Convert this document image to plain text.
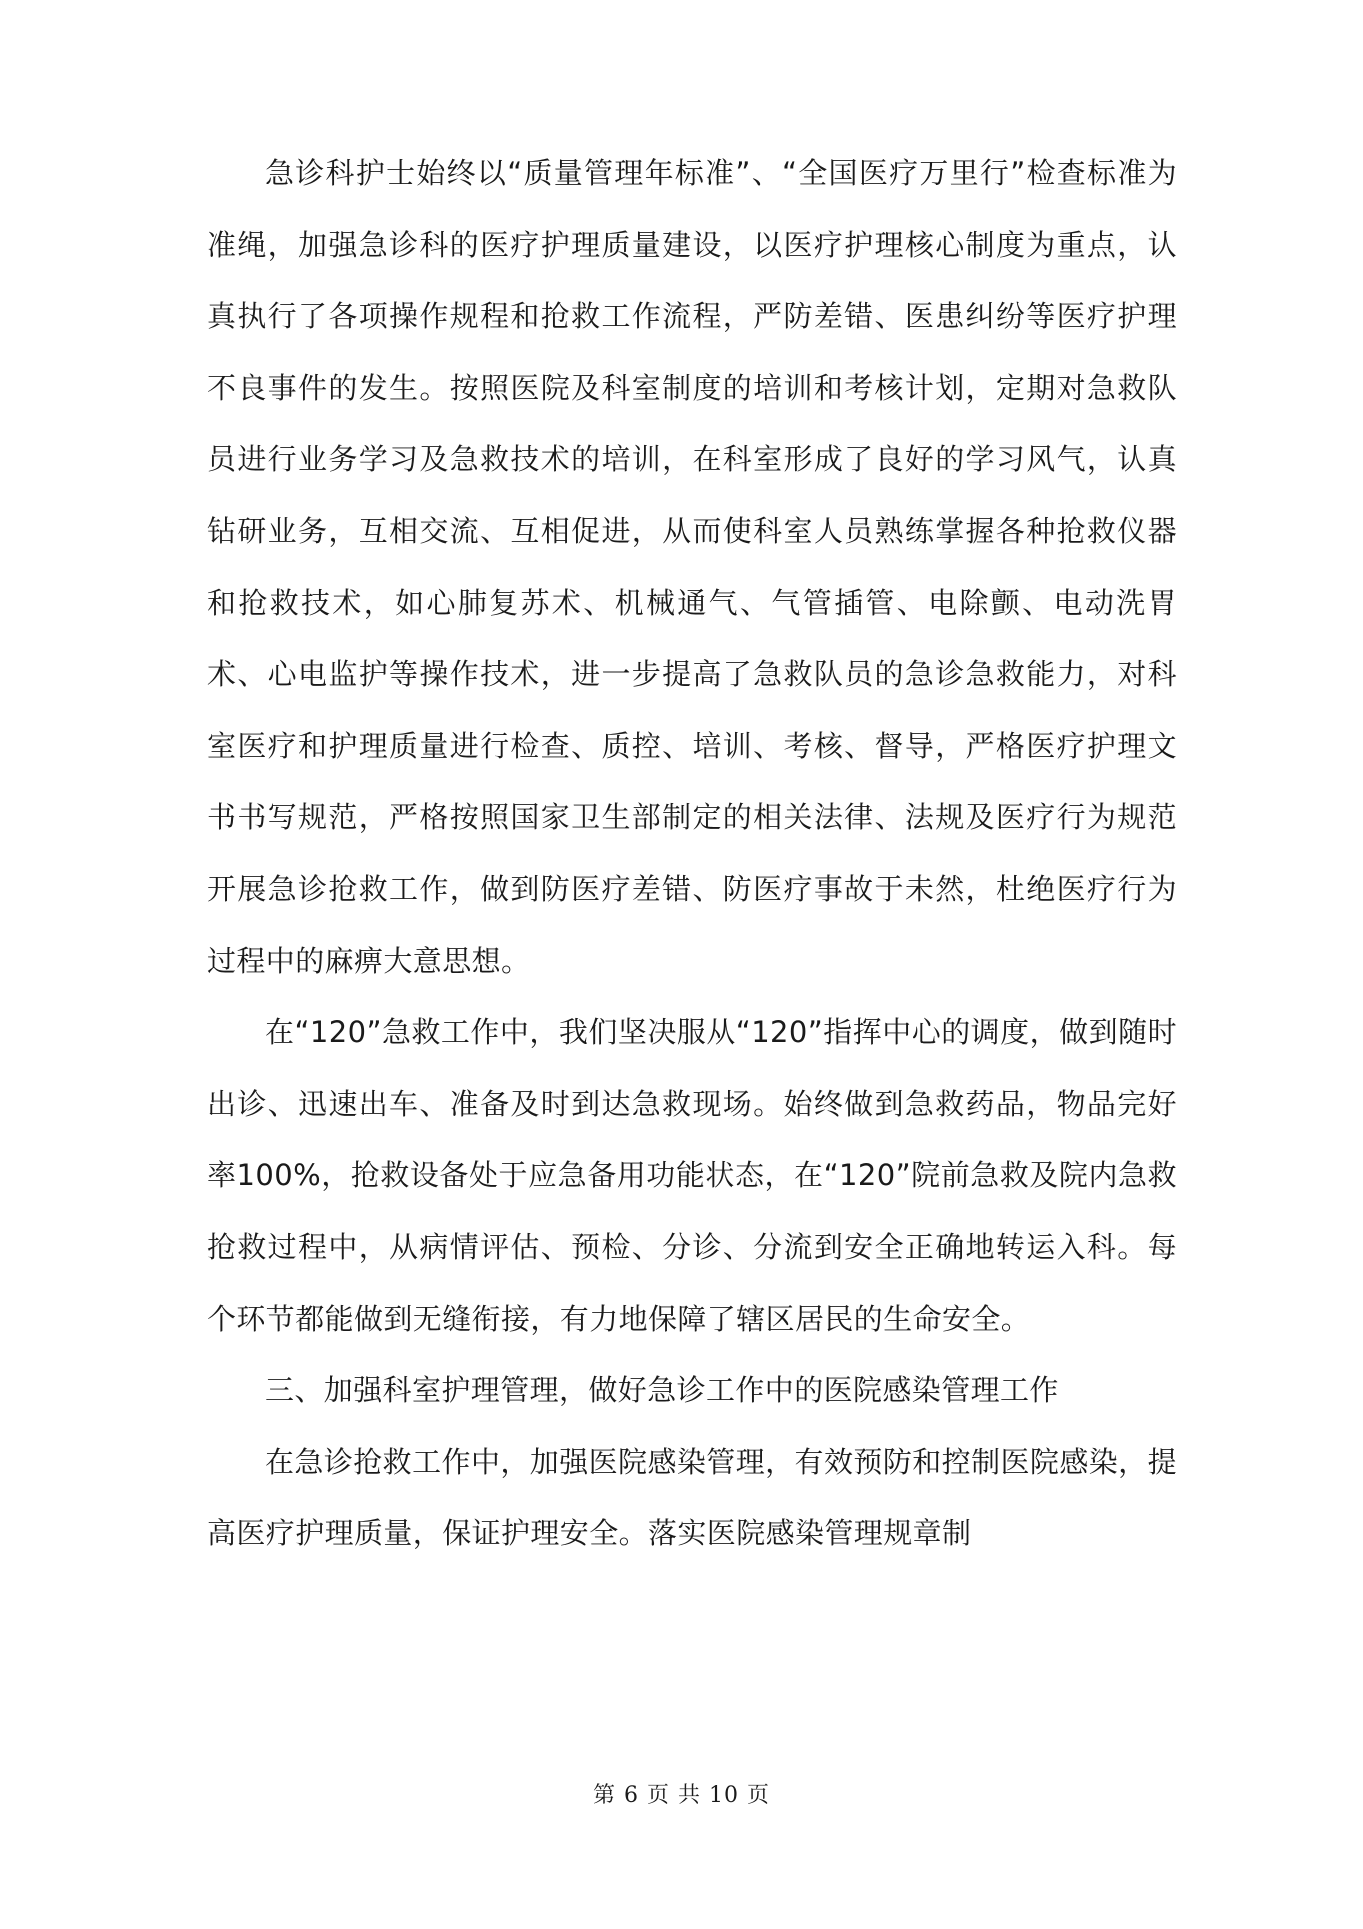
急诊科护士始终以“质量管理年标准”、“全国医疗万里行”检查标准为准绳，加强急诊科的医疗护理质量建设，以医疗护理核心制度为重点，认真执行了各项操作规程和抢救工作流程，严防差错、医患纠纷等医疗护理不良事件的发生。按照医院及科室制度的培训和考核计划，定期对急救队员进行业务学习及急救技术的培训，在科室形成了良好的学习风气，认真钻研业务，互相交流、互相促进，从而使科室人员熟练掌握各种抢救仪器和抢救技术，如心肺复苏术、机械通气、气管插管、电除颤、电动洗胃术、心电监护等操作技术，进一步提高了急救队员的急诊急救能力，对科室医疗和护理质量进行检查、质控、培训、考核、督导，严格医疗护理文书书写规范，严格按照国家卫生部制定的相关法律、法规及医疗行为规范开展急诊抢救工作，做到防医疗差错、防医疗事故于未然，杜绝医疗行为过程中的麻痹大意思想。

在“120”急救工作中，我们坚决服从“120”指挥中心的调度，做到随时出诊、迅速出车、准备及时到达急救现场。始终做到急救药品，物品完好率100%，抢救设备处于应急备用功能状态，在“120”院前急救及院内急救抢救过程中，从病情评估、预检、分诊、分流到安全正确地转运入科。每个环节都能做到无缝衔接，有力地保障了辖区居民的生命安全。

三、加强科室护理管理，做好急诊工作中的医院感染管理工作

在急诊抢救工作中，加强医院感染管理，有效预防和控制医院感染，提高医疗护理质量，保证护理安全。落实医院感染管理规章制

第 6 页 共 10 页
